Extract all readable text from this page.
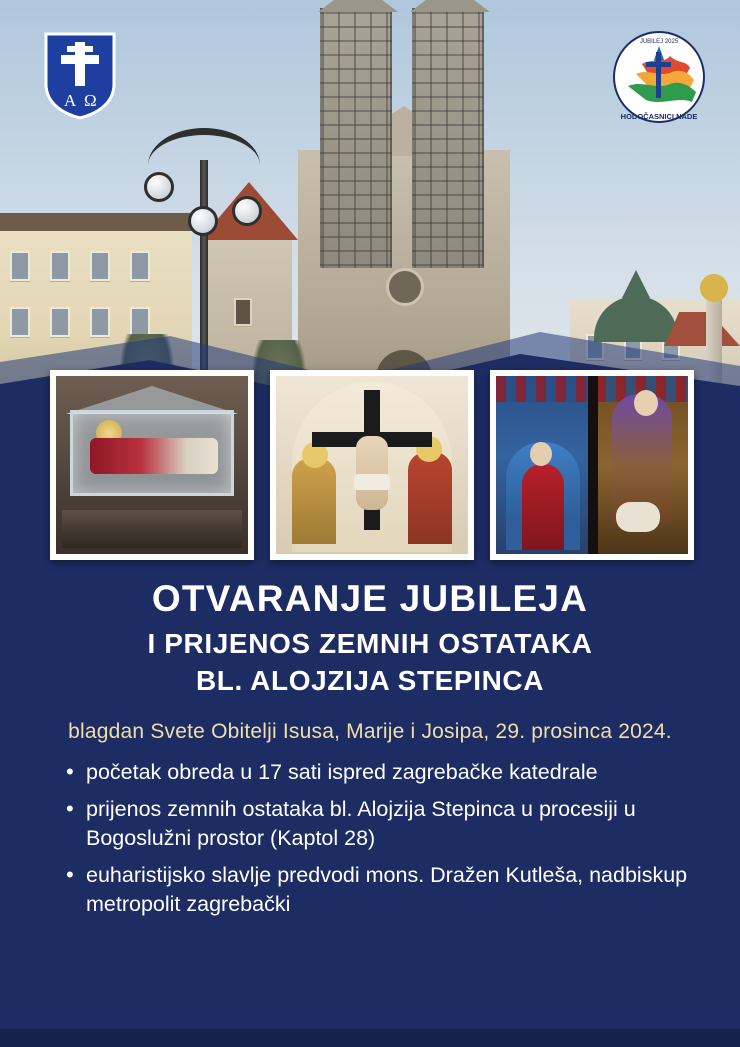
A Ω
JUBILEJ 2025
HODOČASNICI NADE
OTVARANJE JUBILEJA
I PRIJENOS ZEMNIH OSTATAKA
BL. ALOJZIJA STEPINCA
blagdan Svete Obitelji Isusa, Marije i Josipa, 29. prosinca 2024.
• početak obreda u 17 sati ispred zagrebačke katedrale
• prijenos zemnih ostataka bl. Alojzija Stepinca u procesiji u Bogoslužni prostor (Kaptol 28)
• euharistijsko slavlje predvodi mons. Dražen Kutleša, nadbiskup metropolit zagrebački
